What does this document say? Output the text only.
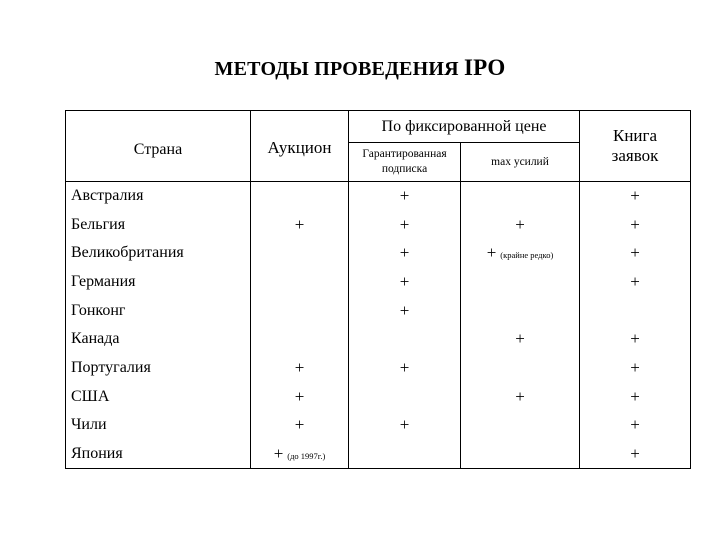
МЕТОДЫ ПРОВЕДЕНИЯ IPO
Страна	Аукцион	По фиксированной цене		Книга заявок

		Гарантированная подписка	max усилий	
Австралия		+		+
Бельгия	+	+	+	+
Великобритания		+	+ (крайне редко)	+
Германия		+		+
Гонконг		+		
Канада			+	+
Португалия	+	+		+
США	+		+	+
Чили	+	+		+
Япония	+ (до 1997г.)			+
